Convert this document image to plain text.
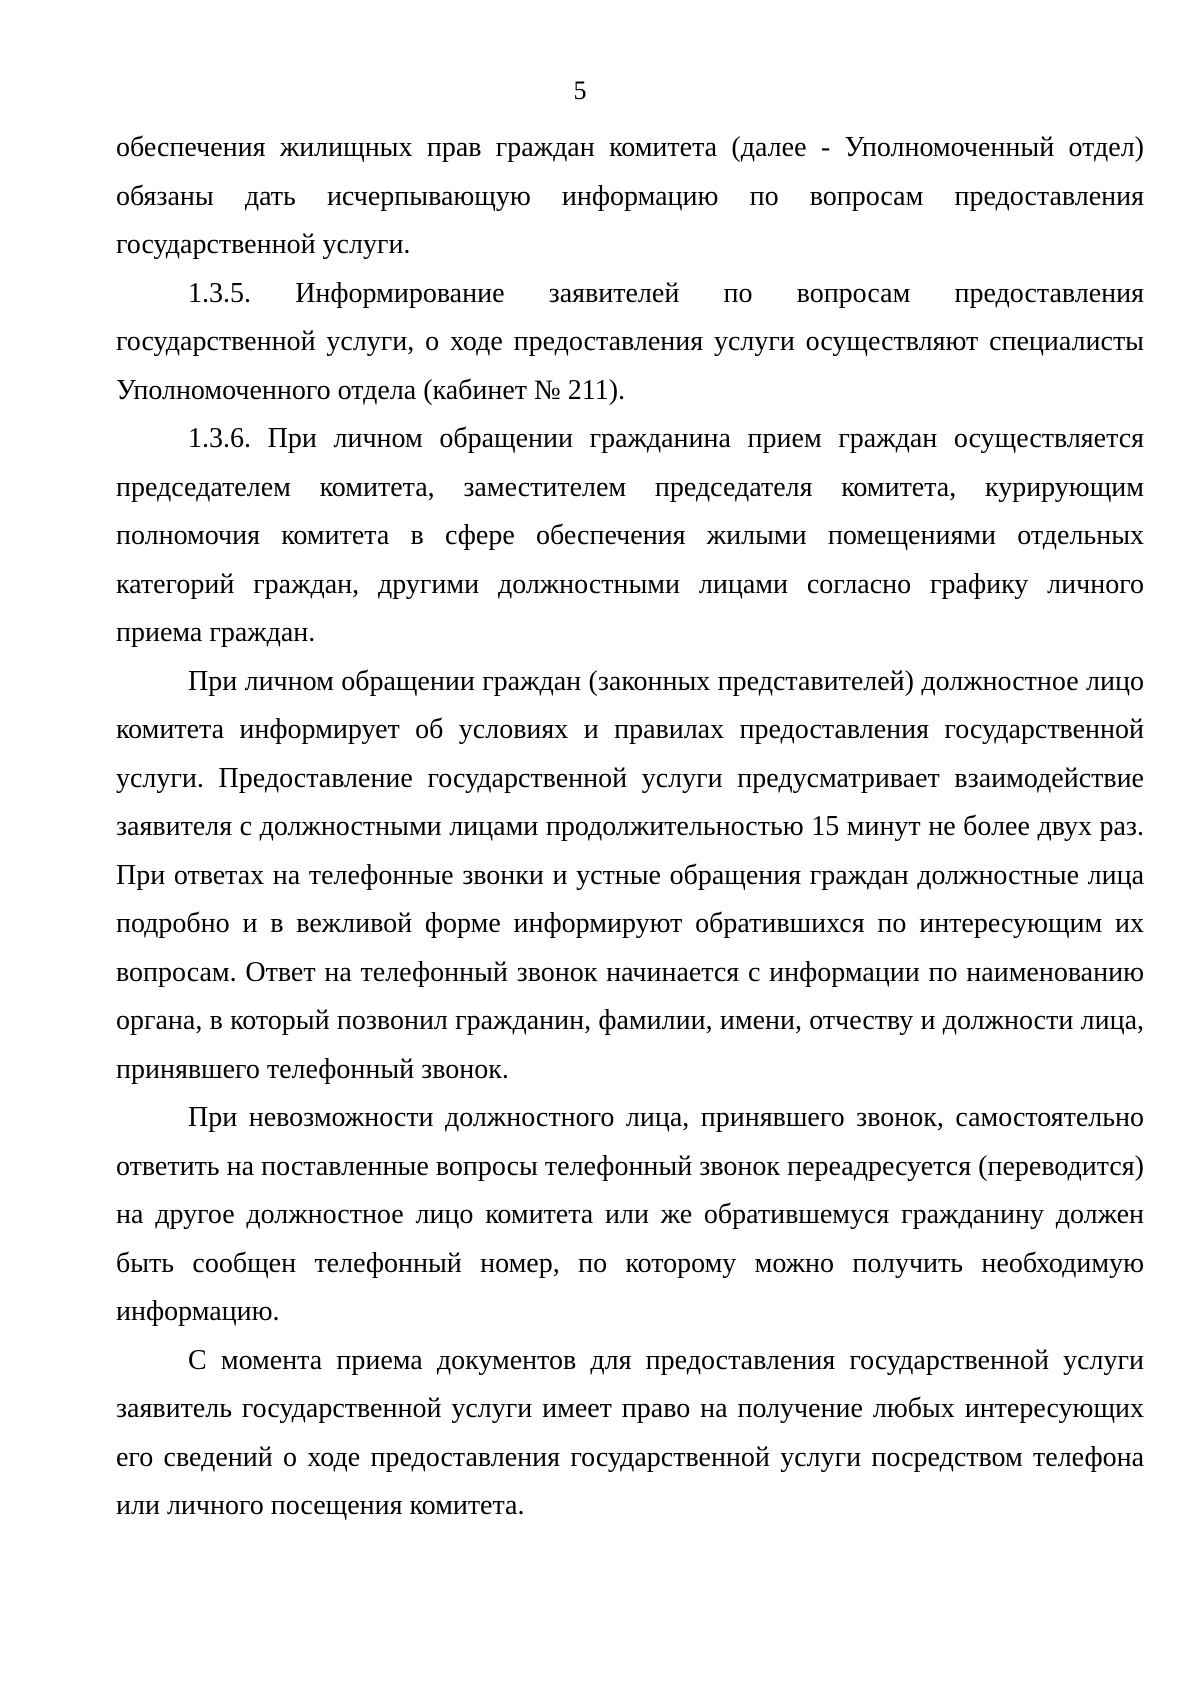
5

обеспечения жилищных прав граждан комитета (далее - Уполномоченный отдел) обязаны дать исчерпывающую информацию по вопросам предоставления государственной услуги.

1.3.5. Информирование заявителей по вопросам предоставления государственной услуги, о ходе предоставления услуги осуществляют специалисты Уполномоченного отдела (кабинет № 211).

1.3.6. При личном обращении гражданина прием граждан осуществляется председателем комитета, заместителем председателя комитета, курирующим полномочия комитета в сфере обеспечения жилыми помещениями отдельных категорий граждан, другими должностными лицами согласно графику личного приема граждан.

При личном обращении граждан (законных представителей) должностное лицо комитета информирует об условиях и правилах предоставления государственной услуги. Предоставление государственной услуги предусматривает взаимодействие заявителя с должностными лицами продолжительностью 15 минут не более двух раз. При ответах на телефонные звонки и устные обращения граждан должностные лица подробно и в вежливой форме информируют обратившихся по интересующим их вопросам. Ответ на телефонный звонок начинается с информации по наименованию органа, в который позвонил гражданин, фамилии, имени, отчеству и должности лица, принявшего телефонный звонок.

При невозможности должностного лица, принявшего звонок, самостоятельно ответить на поставленные вопросы телефонный звонок переадресуется (переводится) на другое должностное лицо комитета или же обратившемуся гражданину должен быть сообщен телефонный номер, по которому можно получить необходимую информацию.

С момента приема документов для предоставления государственной услуги заявитель государственной услуги имеет право на получение любых интересующих его сведений о ходе предоставления государственной услуги посредством телефона или личного посещения комитета.
